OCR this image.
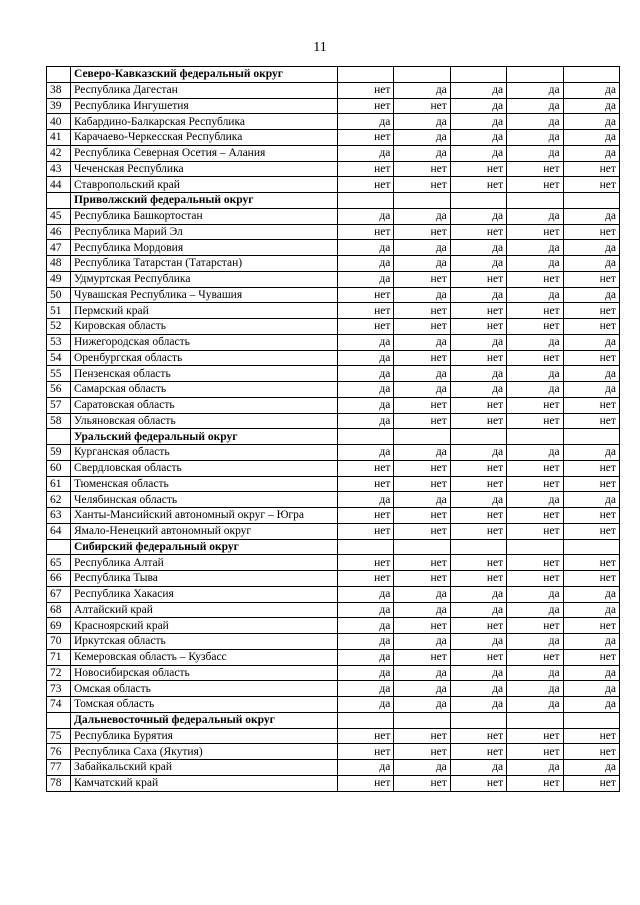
11
	Северо-Кавказский федеральный округ					
38	Республика Дагестан	нет	да	да	да	да
39	Республика Ингушетия	нет	нет	да	да	да
40	Кабардино-Балкарская Республика	да	да	да	да	да
41	Карачаево-Черкесская Республика	нет	да	да	да	да
42	Республика Северная Осетия – Алания	да	да	да	да	да
43	Чеченская Республика	нет	нет	нет	нет	нет
44	Ставропольский край	нет	нет	нет	нет	нет
	Приволжский федеральный округ					
45	Республика Башкортостан	да	да	да	да	да
46	Республика Марий Эл	нет	нет	нет	нет	нет
47	Республика Мордовия	да	да	да	да	да
48	Республика Татарстан (Татарстан)	да	да	да	да	да
49	Удмуртская Республика	да	нет	нет	нет	нет
50	Чувашская Республика – Чувашия	нет	да	да	да	да
51	Пермский край	нет	нет	нет	нет	нет
52	Кировская область	нет	нет	нет	нет	нет
53	Нижегородская область	да	да	да	да	да
54	Оренбургская область	да	нет	нет	нет	нет
55	Пензенская область	да	да	да	да	да
56	Самарская область	да	да	да	да	да
57	Саратовская область	да	нет	нет	нет	нет
58	Ульяновская область	да	нет	нет	нет	нет
	Уральский федеральный округ					
59	Курганская область	да	да	да	да	да
60	Свердловская область	нет	нет	нет	нет	нет
61	Тюменская область	нет	нет	нет	нет	нет
62	Челябинская область	да	да	да	да	да
63	Ханты-Мансийский автономный округ – Югра	нет	нет	нет	нет	нет
64	Ямало-Ненецкий автономный округ	нет	нет	нет	нет	нет
	Сибирский федеральный округ					
65	Республика Алтай	нет	нет	нет	нет	нет
66	Республика Тыва	нет	нет	нет	нет	нет
67	Республика Хакасия	да	да	да	да	да
68	Алтайский край	да	да	да	да	да
69	Красноярский край	да	нет	нет	нет	нет
70	Иркутская область	да	да	да	да	да
71	Кемеровская область – Кузбасс	да	нет	нет	нет	нет
72	Новосибирская область	да	да	да	да	да
73	Омская область	да	да	да	да	да
74	Томская область	да	да	да	да	да
	Дальневосточный федеральный округ					
75	Республика Бурятия	нет	нет	нет	нет	нет
76	Республика Саха (Якутия)	нет	нет	нет	нет	нет
77	Забайкальский край	да	да	да	да	да
78	Камчатский край	нет	нет	нет	нет	нет
